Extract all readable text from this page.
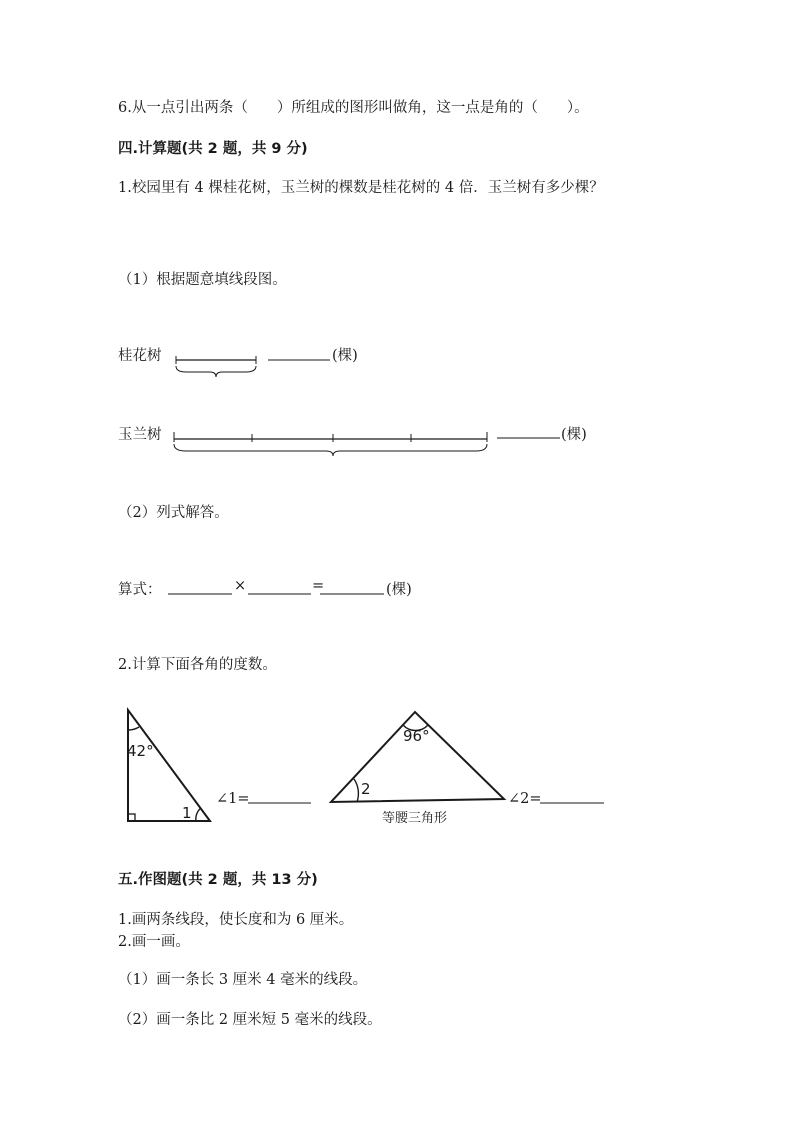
6.从一点引出两条（　　）所组成的图形叫做角，这一点是角的（　　）。
四.计算题(共 2 题，共 9 分)
1.校园里有 4 棵桂花树，玉兰树的棵数是桂花树的 4 倍．玉兰树有多少棵？
（1）根据题意填线段图。
桂花树	(棵)
玉兰树	(棵)
（2）列式解答。
算式：	×	=	(棵)
2.计算下面各角的度数。
42°
1
∠1=
96°
2
等腰三角形
∠2=
五.作图题(共 2 题，共 13 分)
1.画两条线段，使长度和为 6 厘米。
2.画一画。
（1）画一条长 3 厘米 4 毫米的线段。
（2）画一条比 2 厘米短 5 毫米的线段。
